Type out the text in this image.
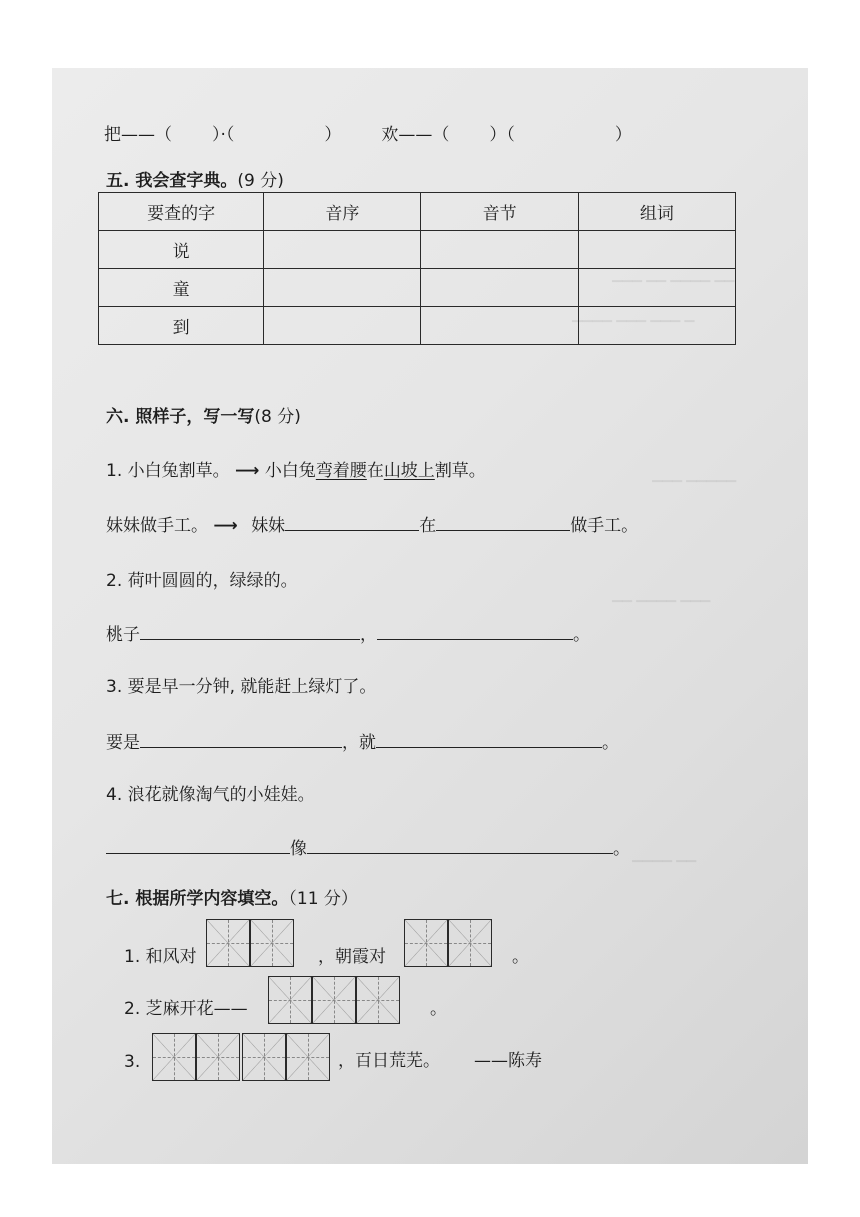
▁▁▁ ▁▁ ▁▁▁▁ ▁▁
▁▁▁▁ ▁▁▁ ▁▁▁ ▁
▁▁▁ ▁▁▁▁▁
▁▁ ▁▁▁▁ ▁▁▁
▁▁▁▁ ▁▁
把——（ ）·（	） 欢——（ ）（	）
五. 我会查字典。(9 分)
要查的字	音序	音节	组词
说			
童			
到			
六. 照样子，写一写(8 分)
1. 小白兔割草。 ⟶ 小白兔弯着腰在山坡上割草。
妹妹做手工。 ⟶ 妹妹	在	做手工。
2. 荷叶圆圆的，绿绿的。
桃子	，	。
3. 要是早一分钟, 就能赶上绿灯了。
要是	，就	。
4. 浪花就像淘气的小娃娃。
像	。
七. 根据所学内容填空。（11 分）
1. 和风对	，朝霞对	。
2. 芝麻开花——	。
3.	，百日荒芜。 ——陈寿
